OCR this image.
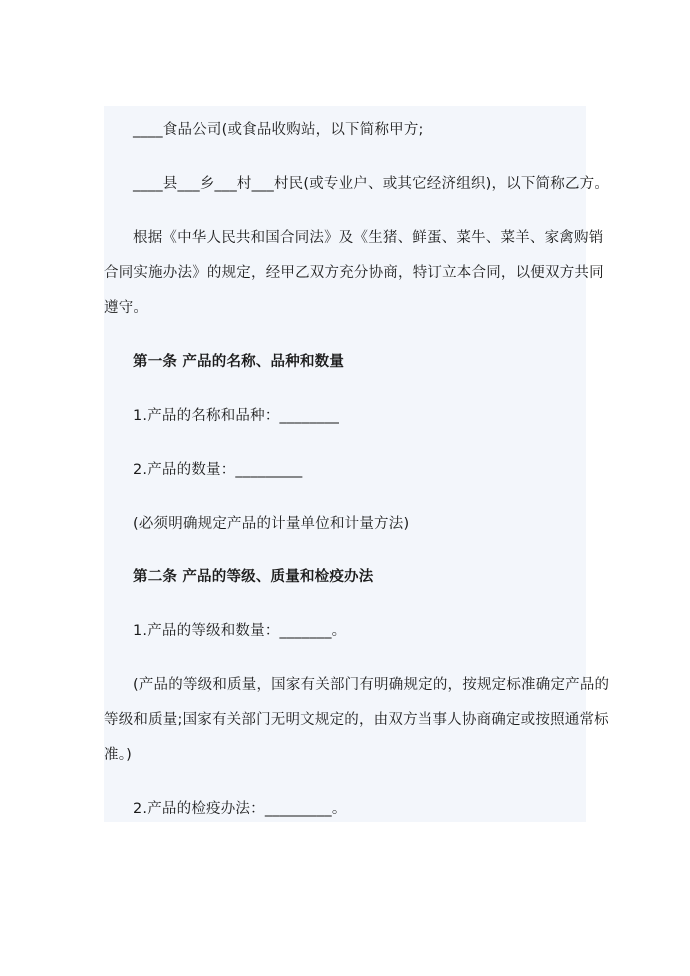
____食品公司(或食品收购站，以下简称甲方;
____县___乡___村___村民(或专业户、或其它经济组织)，以下简称乙方。
根据《中华人民共和国合同法》及《生猪、鲜蛋、菜牛、菜羊、家禽购销
合同实施办法》的规定，经甲乙双方充分协商，特订立本合同，以便双方共同
遵守。
第一条 产品的名称、品种和数量
1.产品的名称和品种：________
2.产品的数量：_________
(必须明确规定产品的计量单位和计量方法)
第二条 产品的等级、质量和检疫办法
1.产品的等级和数量：_______。
(产品的等级和质量，国家有关部门有明确规定的，按规定标准确定产品的
等级和质量;国家有关部门无明文规定的，由双方当事人协商确定或按照通常标
准。)
2.产品的检疫办法：_________。
